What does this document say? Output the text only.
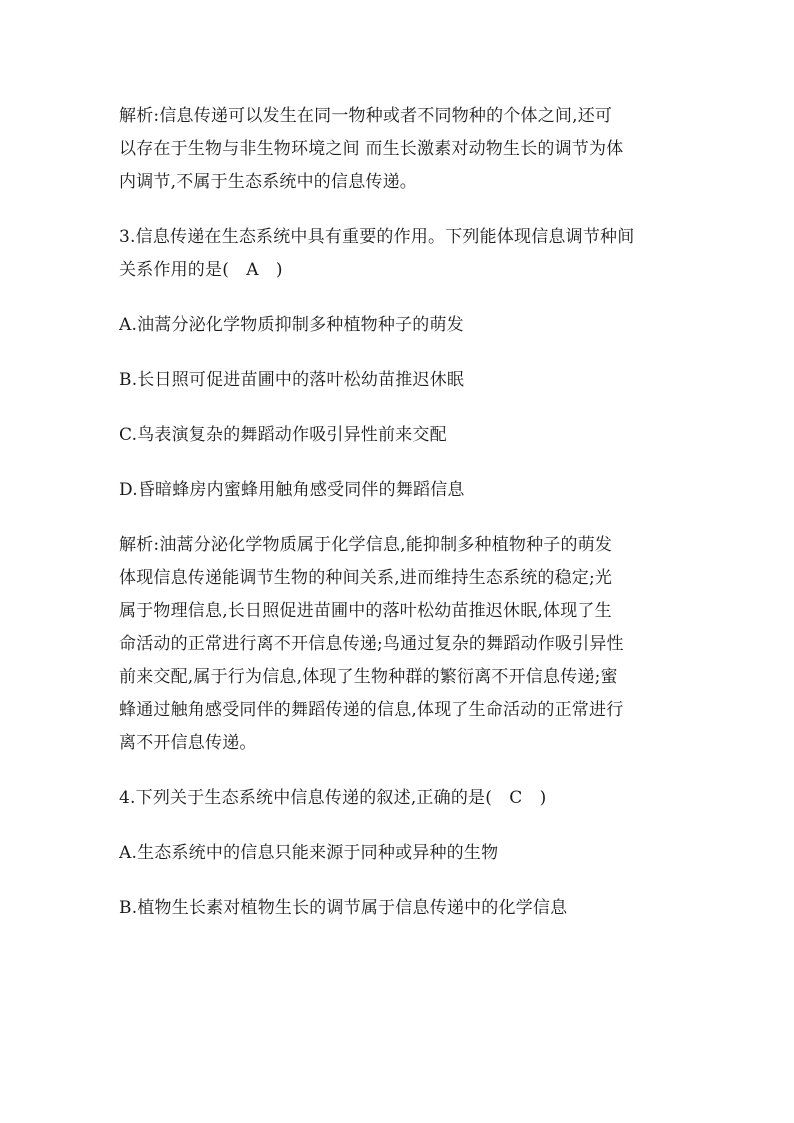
解析:信息传递可以发生在同一物种或者不同物种的个体之间,还可
以存在于生物与非生物环境之间 而生长激素对动物生长的调节为体
内调节,不属于生态系统中的信息传递。
3.信息传递在生态系统中具有重要的作用。下列能体现信息调节种间
关系作用的是(　A　)
A.油蒿分泌化学物质抑制多种植物种子的萌发
B.长日照可促进苗圃中的落叶松幼苗推迟休眠
C.鸟表演复杂的舞蹈动作吸引异性前来交配
D.昏暗蜂房内蜜蜂用触角感受同伴的舞蹈信息
解析:油蒿分泌化学物质属于化学信息,能抑制多种植物种子的萌发
体现信息传递能调节生物的种间关系,进而维持生态系统的稳定;光
属于物理信息,长日照促进苗圃中的落叶松幼苗推迟休眠,体现了生
命活动的正常进行离不开信息传递;鸟通过复杂的舞蹈动作吸引异性
前来交配,属于行为信息,体现了生物种群的繁衍离不开信息传递;蜜
蜂通过触角感受同伴的舞蹈传递的信息,体现了生命活动的正常进行
离不开信息传递。
4.下列关于生态系统中信息传递的叙述,正确的是(　C　)
A.生态系统中的信息只能来源于同种或异种的生物
B.植物生长素对植物生长的调节属于信息传递中的化学信息
